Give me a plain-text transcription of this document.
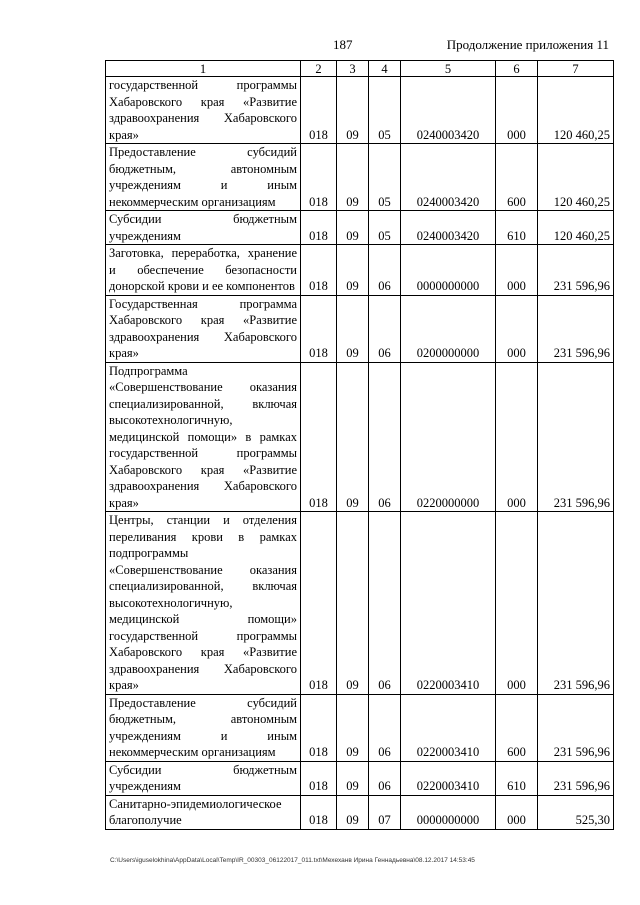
187	Продолжение приложения 11
1	2	3	4	5	6	7
государственной программы Хабаровского края «Развитие здравоохранения Хабаровского края»	018	09	05	0240003420	000	120 460,25
Предоставление субсидий бюджетным, автономным учреждениям и иным некоммерческим организациям	018	09	05	0240003420	600	120 460,25
Субсидии бюджетным учреждениям	018	09	05	0240003420	610	120 460,25
Заготовка, переработка, хранение и обеспечение безопасности донорской крови и ее компонентов	018	09	06	0000000000	000	231 596,96
Государственная программа Хабаровского края «Развитие здравоохранения Хабаровского края»	018	09	06	0200000000	000	231 596,96
Подпрограмма «Совершенствование оказания специализированной, включая высокотехнологичную, медицинской помощи» в рамках государственной программы Хабаровского края «Развитие здравоохранения Хабаровского края»	018	09	06	0220000000	000	231 596,96
Центры, станции и отделения переливания крови в рамках подпрограммы «Совершенствование оказания специализированной, включая высокотехнологичную, медицинской помощи» государственной программы Хабаровского края «Развитие здравоохранения Хабаровского края»	018	09	06	0220003410	000	231 596,96
Предоставление субсидий бюджетным, автономным учреждениям и иным некоммерческим организациям	018	09	06	0220003410	600	231 596,96
Субсидии бюджетным учреждениям	018	09	06	0220003410	610	231 596,96
Санитарно-эпидемиологическое благополучие	018	09	07	0000000000	000	525,30
C:\Users\iguselokhina\AppData\Local\Temp\IR_00303_06122017_011.txt\Мехеханв Ирина Геннадьевна\08.12.2017 14:53:45
